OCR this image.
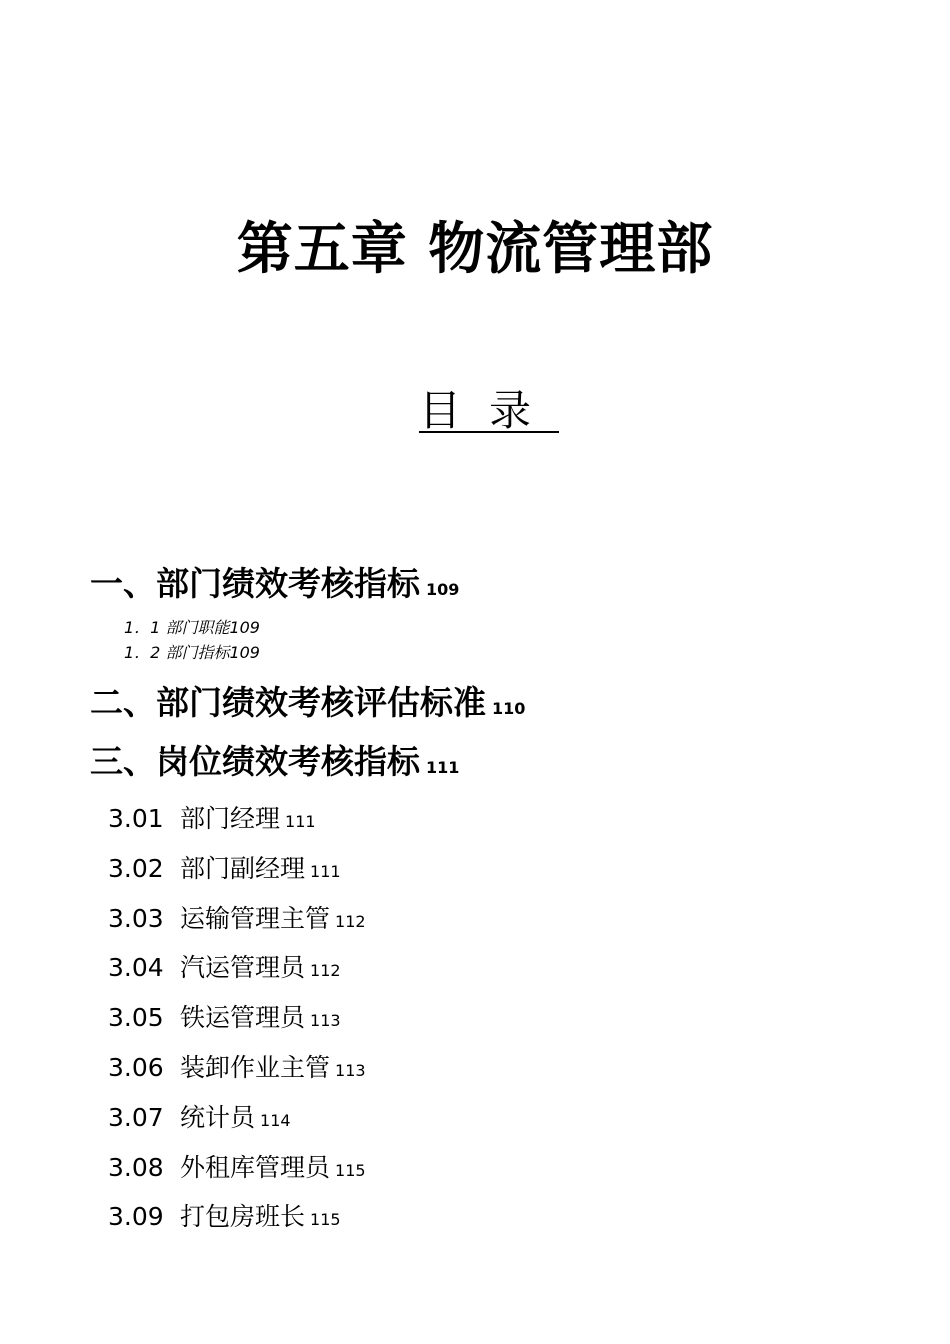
第五章 物流管理部
目录
一、部门绩效考核指标 109
1．1 部门职能109
1．2 部门指标109
二、部门绩效考核评估标准 110
三、岗位绩效考核指标 111
3.01 部门经理 111
3.02 部门副经理 111
3.03 运输管理主管 112
3.04 汽运管理员 112
3.05 铁运管理员 113
3.06 装卸作业主管 113
3.07 统计员 114
3.08 外租库管理员 115
3.09 打包房班长 115
